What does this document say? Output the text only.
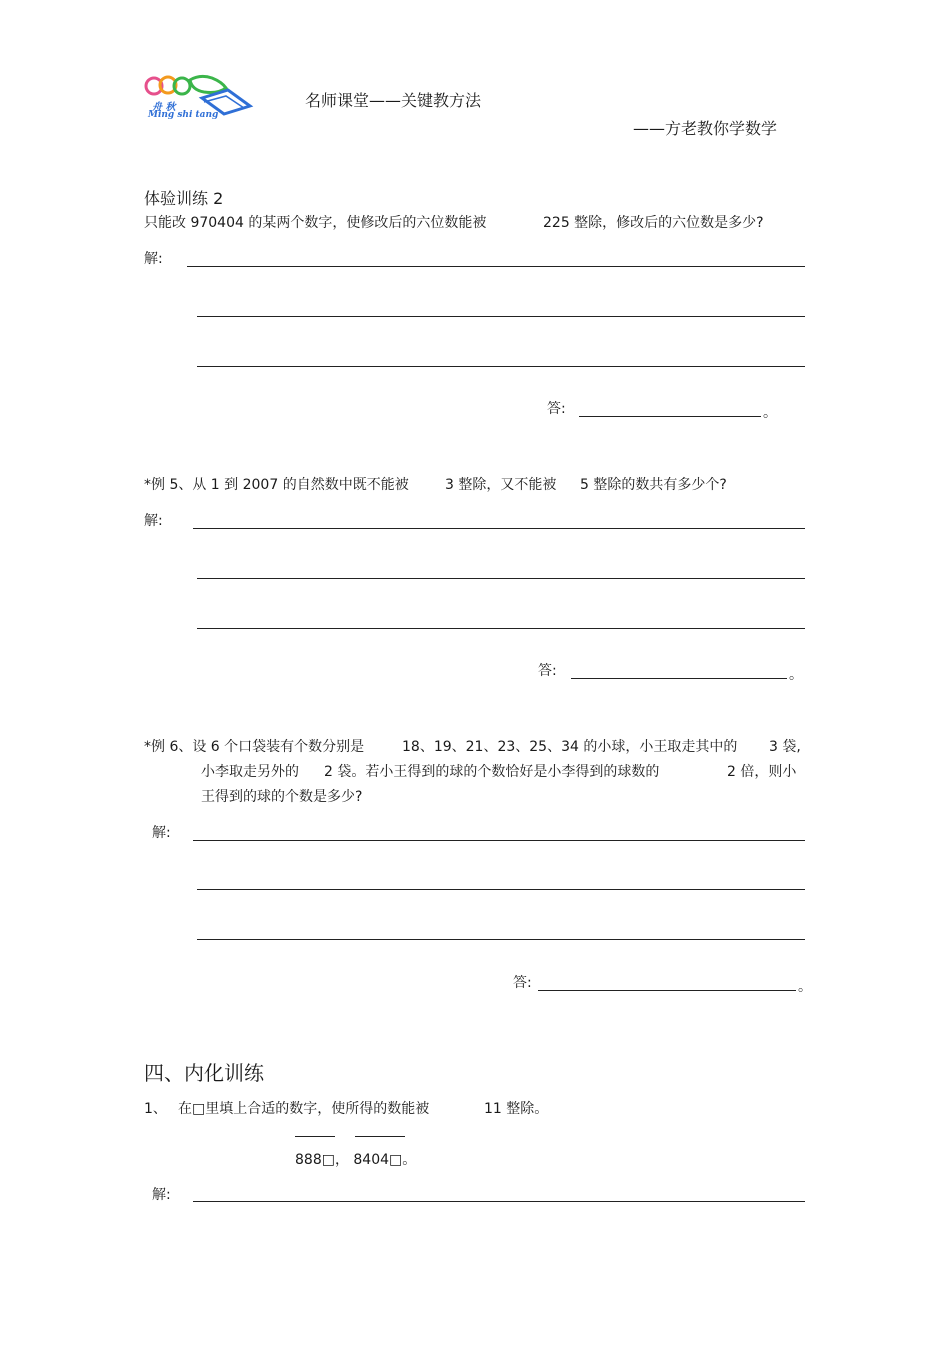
舟 秋
Ming shi tang
名师课堂——关键教方法
——方老教你学数学
体验训练 2
只能改 970404 的某两个数字，使修改后的六位数能被	225 整除，修改后的六位数是多少?
解:
答:	。
*例 5、从 1 到 2007 的自然数中既不能被	3 整除，又不能被 5 整除的数共有多少个?
解:
答:	。
*例 6、设 6 个口袋装有个数分别是	18、19、21、23、25、34 的小球，小王取走其中的 3 袋,
小李取走另外的 2 袋。若小王得到的球的个数恰好是小李得到的球数的	2 倍，则小
王得到的球的个数是多少?
解:
答:	。
四、内化训练
1、 在□里填上合适的数字，使所得的数能被	11 整除。
888□， 8404□。
解:
